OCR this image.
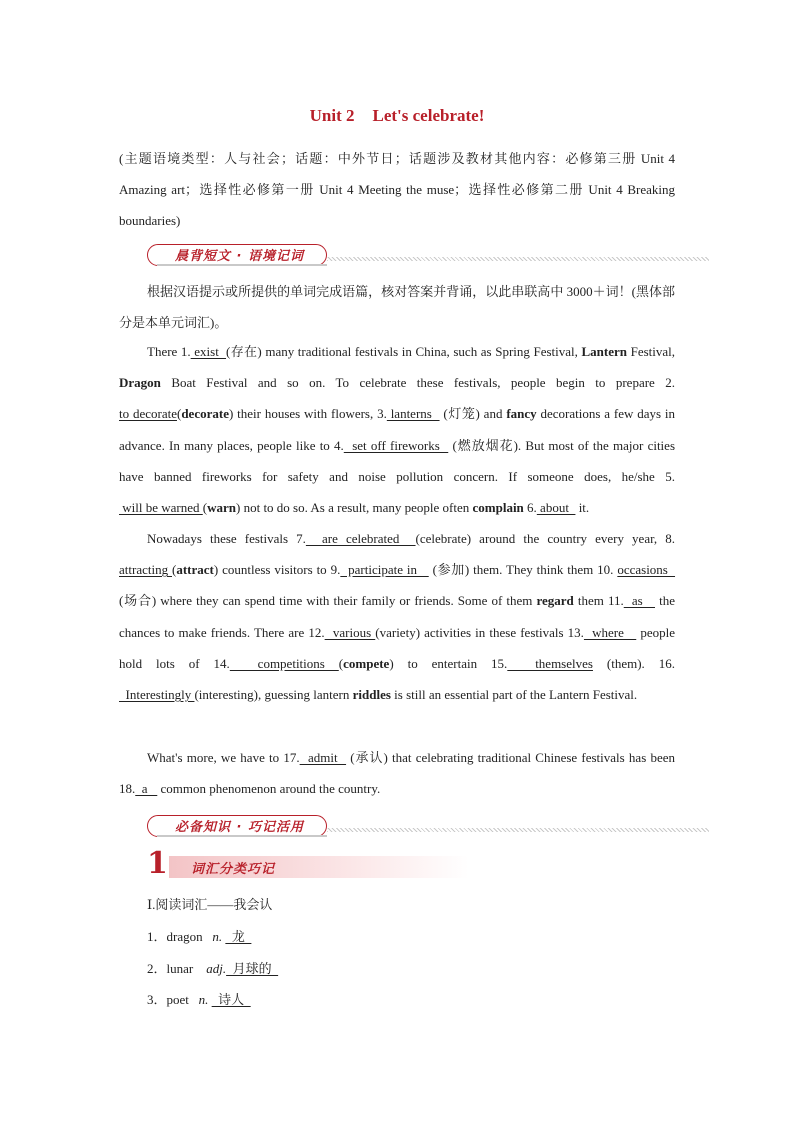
Unit 2 Let's celebrate!
(主题语境类型：人与社会；话题：中外节日；话题涉及教材其他内容：必修第三册 Unit 4 Amazing art；选择性必修第一册 Unit 4 Meeting the muse；选择性必修第二册 Unit 4 Breaking boundaries)
晨背短文 · 语境记词
根据汉语提示或所提供的单词完成语篇，核对答案并背诵，以此串联高中 3000＋词！(黑体部分是本单元词汇)。
There 1. exist  (存在) many traditional festivals in China, such as Spring Festival, Lantern Festival, Dragon Boat Festival and so on. To celebrate these festivals, people begin to prepare 2. to decorate(decorate) their houses with flowers, 3. lanterns   (灯笼) and fancy decorations a few days in advance. In many places, people like to 4.  set off fireworks   (燃放烟花). But most of the major cities have banned fireworks for safety and noise pollution concern. If someone does, he/she 5. will be warned (warn) not to do so. As a result, many people often complain 6. about   it.
Nowadays these festivals 7.  are celebrated  (celebrate) around the country every year, 8. attracting (attract) countless visitors to 9.  participate in    (参加) them. They think them 10. occasions   (场合) where they can spend time with their family or friends. Some of them regard them 11.  as    the chances to make friends. There are 12.  various (variety) activities in these festivals 13.  where    people hold lots of 14.  competitions (compete) to entertain 15.  themselves (them). 16.  Interestingly (interesting), guessing lantern riddles is still an essential part of the Lantern Festival.
What's more, we have to 17.  admit   (承认) that celebrating traditional Chinese festivals has been 18.  a    common phenomenon around the country.
必备知识 · 巧记活用
1 词汇分类巧记
Ⅰ.阅读词汇——我会认
1．dragon n.   龙
2．lunar adj.  月球的
3．poet n.   诗人
